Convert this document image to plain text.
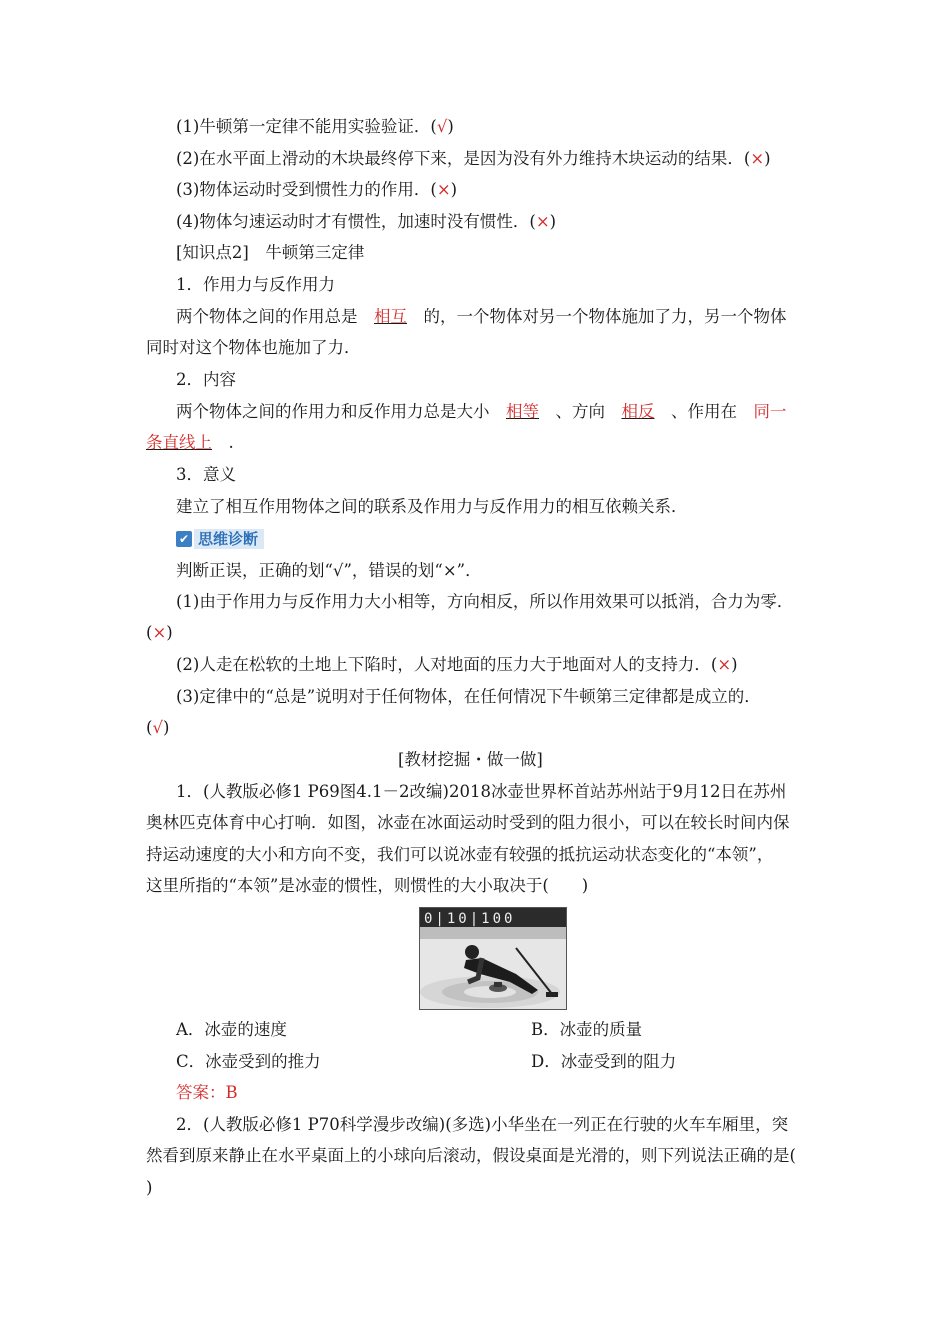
(1)牛顿第一定律不能用实验验证．(√)
(2)在水平面上滑动的木块最终停下来，是因为没有外力维持木块运动的结果．(×)
(3)物体运动时受到惯性力的作用．(×)
(4)物体匀速运动时才有惯性，加速时没有惯性．(×)
[知识点2]　牛顿第三定律
1．作用力与反作用力
两个物体之间的作用总是　相互　的，一个物体对另一个物体施加了力，另一个物体
同时对这个物体也施加了力．
2．内容
两个物体之间的作用力和反作用力总是大小　相等　、方向　相反　、作用在　同一
条直线上　.
3．意义
建立了相互作用物体之间的联系及作用力与反作用力的相互依赖关系．
✔ 思维诊断
判断正误，正确的划“√”，错误的划“×”．
(1)由于作用力与反作用力大小相等，方向相反，所以作用效果可以抵消，合力为零．
(×)
(2)人走在松软的土地上下陷时，人对地面的压力大于地面对人的支持力．(×)
(3)定律中的“总是”说明对于任何物体，在任何情况下牛顿第三定律都是成立的．
(√)
[教材挖掘・做一做]
1．(人教版必修1 P69图4.1－2改编)2018冰壶世界杯首站苏州站于9月12日在苏州
奥林匹克体育中心打响．如图，冰壶在冰面运动时受到的阻力很小，可以在较长时间内保
持运动速度的大小和方向不变，我们可以说冰壶有较强的抵抗运动状态变化的“本领”，
这里所指的“本领”是冰壶的惯性，则惯性的大小取决于(　　)
0|10|100
A．冰壶的速度	B．冰壶的质量
C．冰壶受到的推力	D．冰壶受到的阻力
答案：B
2．(人教版必修1 P70科学漫步改编)(多选)小华坐在一列正在行驶的火车车厢里，突
然看到原来静止在水平桌面上的小球向后滚动，假设桌面是光滑的，则下列说法正确的是(
)
